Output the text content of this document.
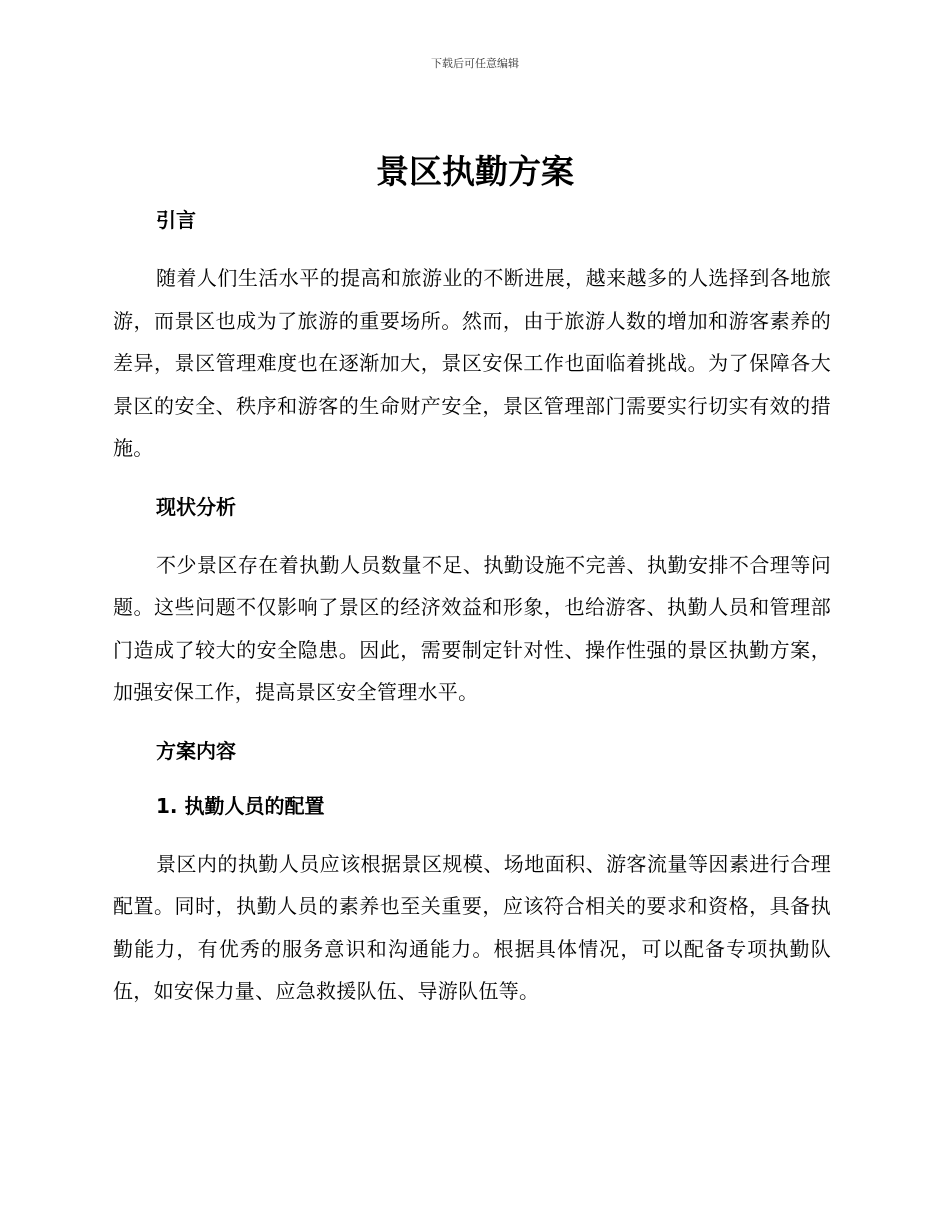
下载后可任意编辑
景区执勤方案
引言

随着人们生活水平的提高和旅游业的不断进展，越来越多的人选择到各地旅游，而景区也成为了旅游的重要场所。然而，由于旅游人数的增加和游客素养的差异，景区管理难度也在逐渐加大，景区安保工作也面临着挑战。为了保障各大景区的安全、秩序和游客的生命财产安全，景区管理部门需要实行切实有效的措施。

现状分析

不少景区存在着执勤人员数量不足、执勤设施不完善、执勤安排不合理等问题。这些问题不仅影响了景区的经济效益和形象，也给游客、执勤人员和管理部门造成了较大的安全隐患。因此，需要制定针对性、操作性强的景区执勤方案，加强安保工作，提高景区安全管理水平。

方案内容
1. 执勤人员的配置

景区内的执勤人员应该根据景区规模、场地面积、游客流量等因素进行合理配置。同时，执勤人员的素养也至关重要，应该符合相关的要求和资格，具备执勤能力，有优秀的服务意识和沟通能力。根据具体情况，可以配备专项执勤队伍，如安保力量、应急救援队伍、导游队伍等。
